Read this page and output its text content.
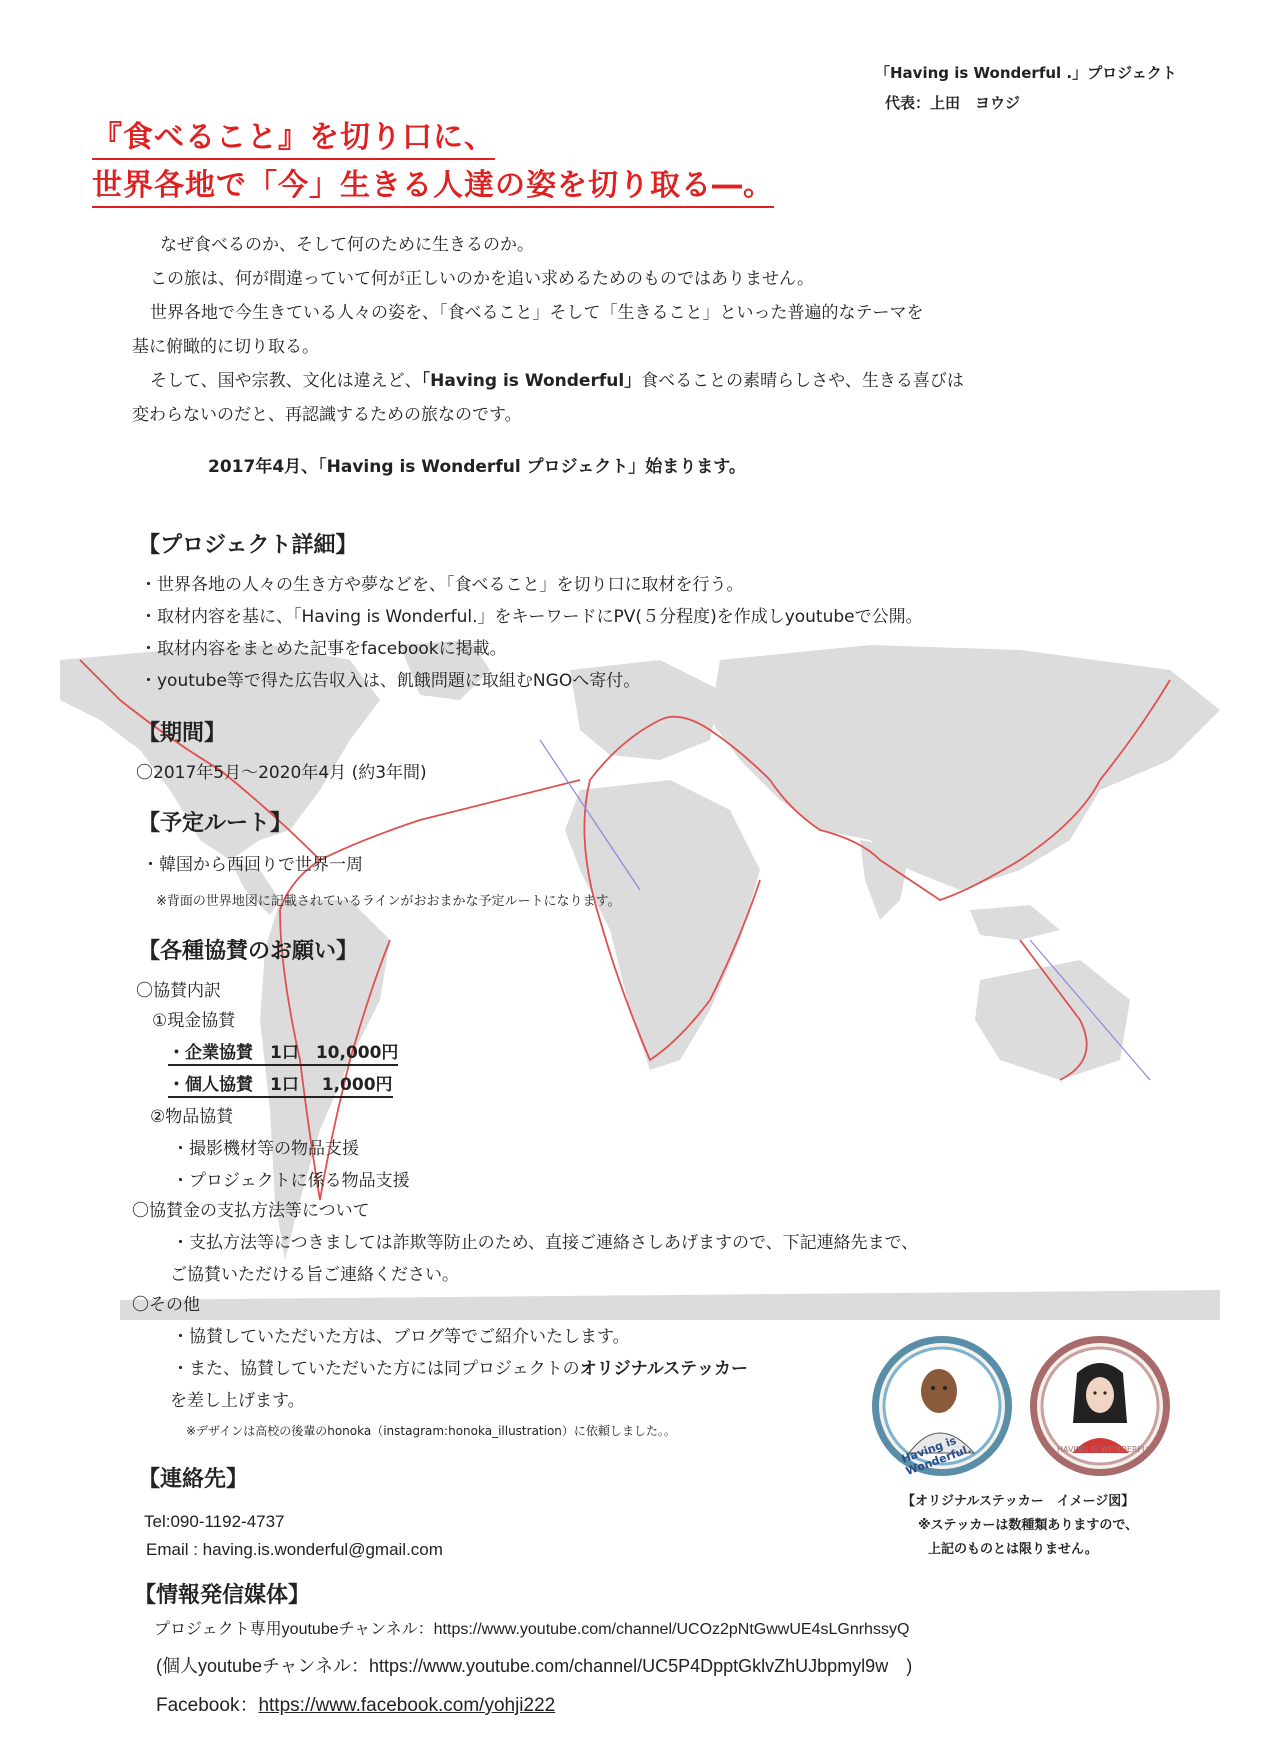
「Having is Wonderful .」プロジェクト
代表：上田　ヨウジ
『食べること』を切り口に、
世界各地で「今」生きる人達の姿を切り取る―。
なぜ食べるのか、そして何のために生きるのか。
この旅は、何が間違っていて何が正しいのかを追い求めるためのものではありません。
世界各地で今生きている人々の姿を、「食べること」そして「生きること」といった普遍的なテーマを
基に俯瞰的に切り取る。
そして、国や宗教、文化は違えど、「Having is Wonderful」食べることの素晴らしさや、生きる喜びは
変わらないのだと、再認識するための旅なのです。
2017年4月、「Having is Wonderful プロジェクト」始まります。
【プロジェクト詳細】
・世界各地の人々の生き方や夢などを、「食べること」を切り口に取材を行う。
・取材内容を基に、「Having is Wonderful.」をキーワードにPV(５分程度)を作成しyoutubeで公開。
・取材内容をまとめた記事をfacebookに掲載。
・youtube等で得た広告収入は、飢餓問題に取組むNGOへ寄付。
【期間】
〇2017年5月〜2020年4月 (約3年間)
【予定ルート】
・韓国から西回りで世界一周
※背面の世界地図に記載されているラインがおおまかな予定ルートになります。
【各種協賛のお願い】
〇協賛内訳
①現金協賛
・企業協賛　1口　10,000円
・個人協賛　1口　 1,000円
②物品協賛
・撮影機材等の物品支援
・プロジェクトに係る物品支援
〇協賛金の支払方法等について
・支払方法等につきましては詐欺等防止のため、直接ご連絡さしあげますので、下記連絡先まで、
ご協賛いただける旨ご連絡ください。
〇その他
・協賛していただいた方は、ブログ等でご紹介いたします。
・また、協賛していただいた方には同プロジェクトのオリジナルステッカー
を差し上げます。
※デザインは高校の後輩のhonoka（instagram:honoka_illustration）に依頼しました。。
Having is Wonderful.	HAVING IS WONDERFUL
【オリジナルステッカー　イメージ図】
※ステッカーは数種類ありますので、
上記のものとは限りません。
【連絡先】
Tel:090-1192-4737
Email : having.is.wonderful@gmail.com
【情報発信媒体】
プロジェクト専用youtubeチャンネル：https://www.youtube.com/channel/UCOz2pNtGwwUE4sLGnrhssyQ
(個人youtubeチャンネル：https://www.youtube.com/channel/UC5P4DpptGklvZhUJbpmyl9w　)
Facebook：https://www.facebook.com/yohji222
